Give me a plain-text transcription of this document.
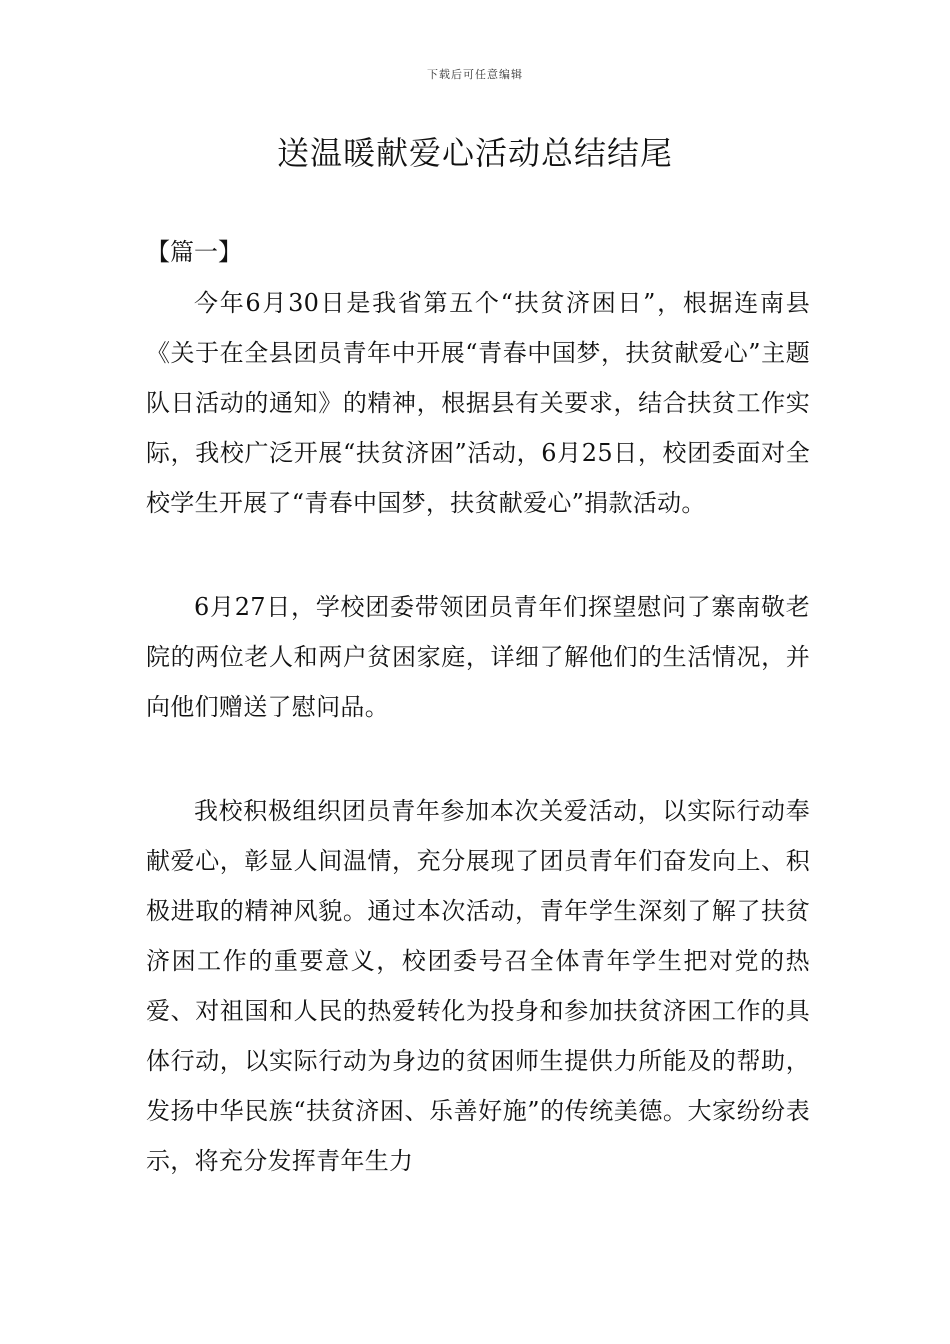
下载后可任意编辑
送温暖献爱心活动总结结尾
【篇一】

今年6月30日是我省第五个“扶贫济困日”，根据连南县《关于在全县团员青年中开展“青春中国梦，扶贫献爱心”主题队日活动的通知》的精神，根据县有关要求，结合扶贫工作实际，我校广泛开展“扶贫济困”活动，6月25日，校团委面对全校学生开展了“青春中国梦，扶贫献爱心”捐款活动。

6月27日，学校团委带领团员青年们探望慰问了寨南敬老院的两位老人和两户贫困家庭，详细了解他们的生活情况，并向他们赠送了慰问品。

我校积极组织团员青年参加本次关爱活动，以实际行动奉献爱心，彰显人间温情，充分展现了团员青年们奋发向上、积极进取的精神风貌。通过本次活动，青年学生深刻了解了扶贫济困工作的重要意义，校团委号召全体青年学生把对党的热爱、对祖国和人民的热爱转化为投身和参加扶贫济困工作的具体行动，以实际行动为身边的贫困师生提供力所能及的帮助，发扬中华民族“扶贫济困、乐善好施”的传统美德。大家纷纷表示，将充分发挥青年生力
